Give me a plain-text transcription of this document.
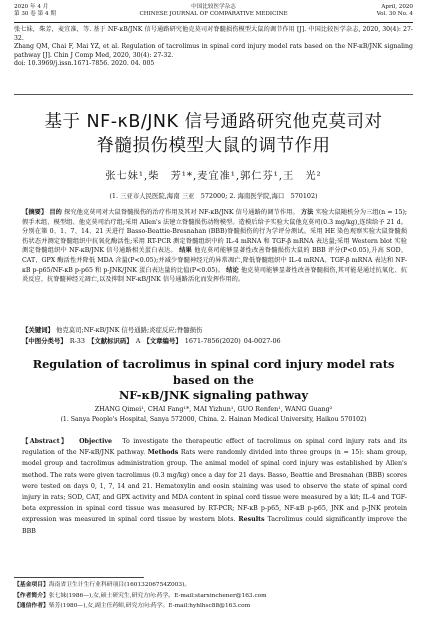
2020 年 4 月
第 30 卷 第 4 期
中国比较医学杂志
CHINESE JOURNAL OF COMPARATIVE MEDICINE
April, 2020
Vol. 30 No. 4
张七妹，柴芳，麦宜准，等. 基于 NF-κB/JNK 信号通路研究他克莫司对脊髓损伤模型大鼠的调节作用 [J]. 中国比较医学杂志, 2020, 30(4): 27-32.
Zhang QM, Chai F, Mai YZ, et al. Regulation of tacrolimus in spinal cord injury model rats based on the NF-κB/JNK signaling pathway [J]. Chin J Comp Med, 2020, 30(4): 27-32.
doi: 10.3969/j.issn.1671-7856. 2020. 04. 005
基于 NF-κB/JNK 信号通路研究他克莫司对
脊髓损伤模型大鼠的调节作用
张七妹¹,柴　芳¹*,麦宜准¹,郭仁芬¹,王　光²
(1. 三亚市人民医院,海南 三亚　572000; 2. 海南医学院,海口　570102)
【摘要】 目的 探究他克莫司对大鼠脊髓损伤的治疗作用及其对 NF-κB/JNK 信号通路的调节作用。 方法 实验大鼠随机分为三组(n = 15);假手术组、模型组、他克莫司治疗组;采用 Allen's 法建立脊髓损伤动物模型。造模后给予实验大鼠他克莫司(0.3 mg/kg),连续给予 21 d。分别在第 0、1、7、14、21 天进行 Basso-Beattie-Bresnahan (BBB)脊髓损伤的行为学评分测试。采用 HE 染色观察实验大鼠脊髓损伤状态并测定脊髓组织中抗氧化酶活性;采用 RT-PCR 测定脊髓组织中的 IL-4 mRNA 和 TGF-β mRNA 表达量;采用 Western blot 实验测定脊髓组织中 NF-κB/JNK 信号通路相关蛋白表达。 结果 他克莫司能够显著性改善脊髓损伤大鼠的 BBB 评分(P<0.05),升高 SOD、CAT、GPX 酶活性并降低 MDA 含量(P<0.05);并减少脊髓神经元的异常凋亡,降低脊髓组织中 IL-4 mRNA、TGF-β mRNA 表达和 NF-κB p-p65/NF-κB p-p65 和 p-JNK/JNK 蛋白表达量的比值(P<0.05)。 结论 他克莫司能够显著性改善脊髓损伤,其可能是通过抗氧化、抗炎反应、抗脊髓神经元凋亡,以及抑制 NF-κB/JNK 信号通路活化而发挥作用的。
【关键词】 他克莫司;NF-κB/JNK 信号通路;炎症反应;脊髓损伤
【中图分类号】 R-33 【文献标识码】 A 【文章编号】 1671-7856(2020) 04-0027-06
Regulation of tacrolimus in spinal cord injury model rats based on the
NF-κB/JNK signaling pathway
ZHANG Qimei¹, CHAI Fang¹*, MAI Yizhun¹, GUO Renfen¹, WANG Guang²
(1. Sanya People's Hospital, Sanya 572000, China. 2. Hainan Medical University, Haikou 570102)
【Abstract】 Objective To investigate the therapeutic effect of tacrolimus on spinal cord injury rats and its regulation of the NF-κB/JNK pathway. Methods Rats were randomly divided into three groups (n = 15): sham group, model group and tacrolimus administration group. The animal model of spinal cord injury was established by Allen's method. The rats were given tacrolimus (0.3 mg/kg) once a day for 21 days. Basso, Beattie and Bresnahan (BBB) scores were tested on days 0, 1, 7, 14 and 21. Hematoxylin and eosin staining was used to observe the state of spinal cord injury in rats; SOD, CAT, and GPX activity and MDA content in spinal cord tissue were measured by a kit; IL-4 and TGF-beta expression in spinal cord tissue was measured by RT-PCR; NF-κB p-p65, NF-κB p-p65, JNK and p-JNK protein expression was measured in spinal cord tissue by western blots. Results Tacrolimus could significantly improve the BBB
【基金项目】海南省卫生计生行业科研项目(16013206754Z003)。
【作者简介】张七妹(1986—),女,硕士研究生,研究方向:药学。E-mail:starxinchener@163.com
【通信作者】柴芳(1980—),女,副主任药师,研究方向:药学。E-mail:hyhlhsc88@163.com
